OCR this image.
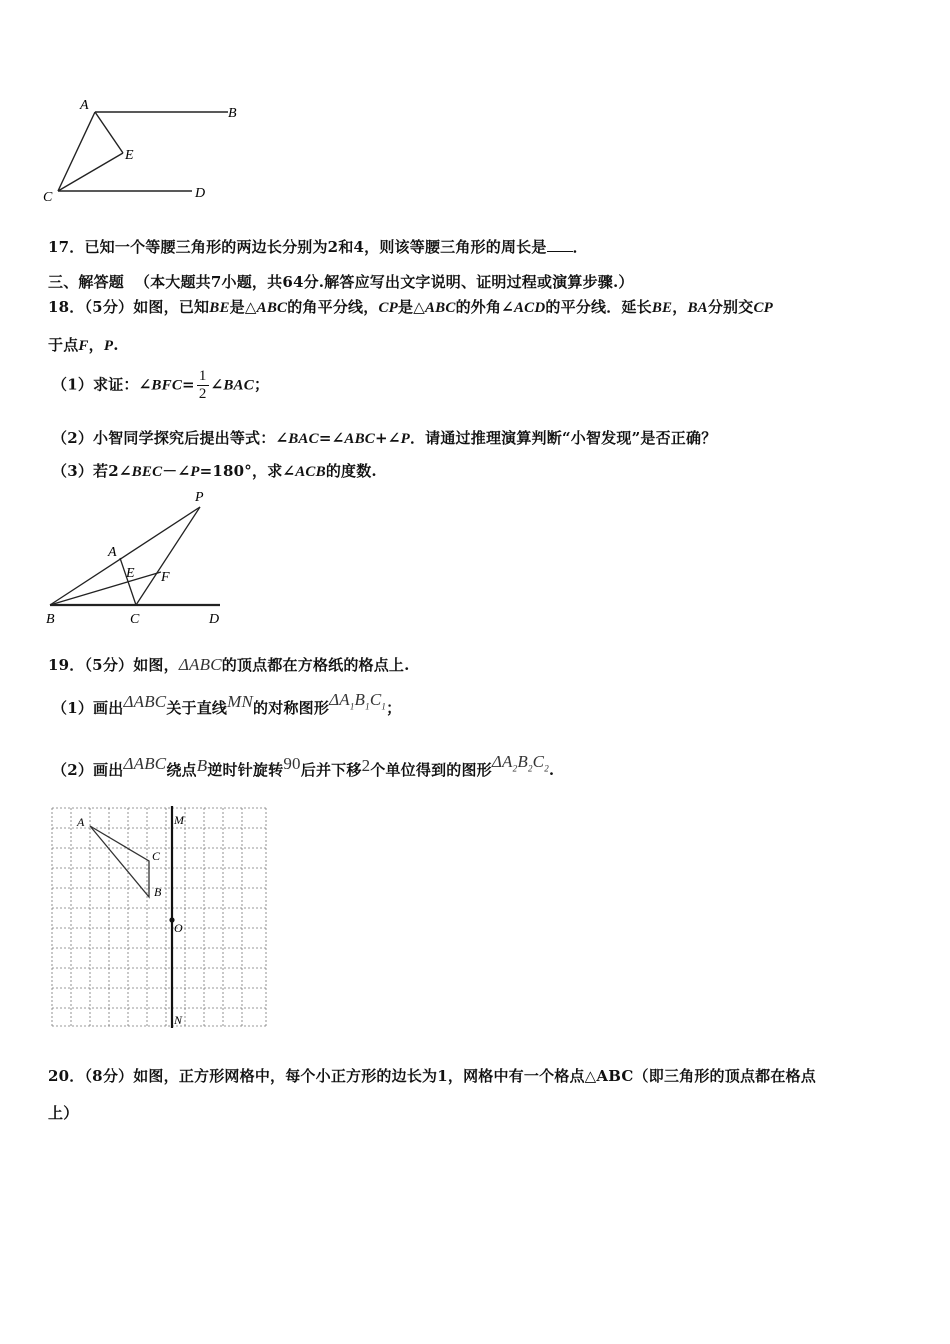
A
B
E
C	D
17．已知一个等腰三角形的两边长分别为2和4，则该等腰三角形的周长是 ．
三、解答题 （本大题共7小题，共64分.解答应写出文字说明、证明过程或演算步骤.）
18．（5分）如图，已知BE是△ABC的角平分线，CP是△ABC的外角∠ACD的平分线．延长BE，BA分别交CP
于点F，P.
（1）求证：∠BFC= $\frac{1}{2}$ ∠BAC；
（2）小智同学探究后提出等式：∠BAC=∠ABC+∠P．请通过推理演算判断“小智发现”是否正确？
（3）若2∠BEC－∠P=180°，求∠ACB的度数.
P
A
E F
B	C	D
19．（5分）如图，ΔABC的顶点都在方格纸的格点上.
（1）画出ΔABC关于直线MN的对称图形$\Delta A_1B_1C_1$；
（2）画出ΔABC绕点B逆时针旋转90后并下移2个单位得到的图形$\Delta A_2B_2C_2$.
A
C
B
M
O
N
20．（8分）如图，正方形网格中，每个小正方形的边长为1，网格中有一个格点△ABC（即三角形的顶点都在格点
上）
